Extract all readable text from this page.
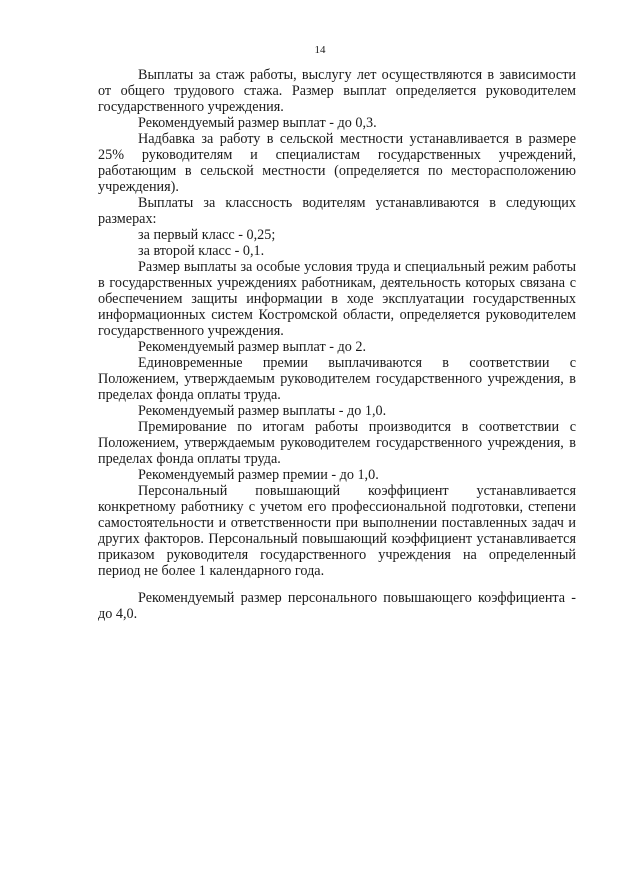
14

Выплаты за стаж работы, выслугу лет осуществляются в зависимости от общего трудового стажа. Размер выплат определяется руководителем государственного учреждения.

Рекомендуемый размер выплат - до 0,3.

Надбавка за работу в сельской местности устанавливается в размере 25% руководителям и специалистам государственных учреждений, работающим в сельской местности (определяется по месторасположению учреждения).

Выплаты за классность водителям устанавливаются в следующих размерах:

за первый класс - 0,25;

за второй класс - 0,1.

Размер выплаты за особые условия труда и специальный режим работы в государственных учреждениях работникам, деятельность которых связана с обеспечением защиты информации в ходе эксплуатации государственных информационных систем Костромской области, определяется руководителем государственного учреждения.

Рекомендуемый размер выплат - до 2.

Единовременные премии выплачиваются в соответствии с Положением, утверждаемым руководителем государственного учреждения, в пределах фонда оплаты труда.

Рекомендуемый размер выплаты - до 1,0.

Премирование по итогам работы производится в соответствии с Положением, утверждаемым руководителем государственного учреждения, в пределах фонда оплаты труда.

Рекомендуемый размер премии - до 1,0.

Персональный повышающий коэффициент устанавливается конкретному работнику с учетом его профессиональной подготовки, степени самостоятельности и ответственности при выполнении поставленных задач и других факторов. Персональный повышающий коэффициент устанавливается приказом руководителя государственного учреждения на определенный период не более 1 календарного года.

Рекомендуемый размер персонального повышающего коэффициента - до 4,0.
